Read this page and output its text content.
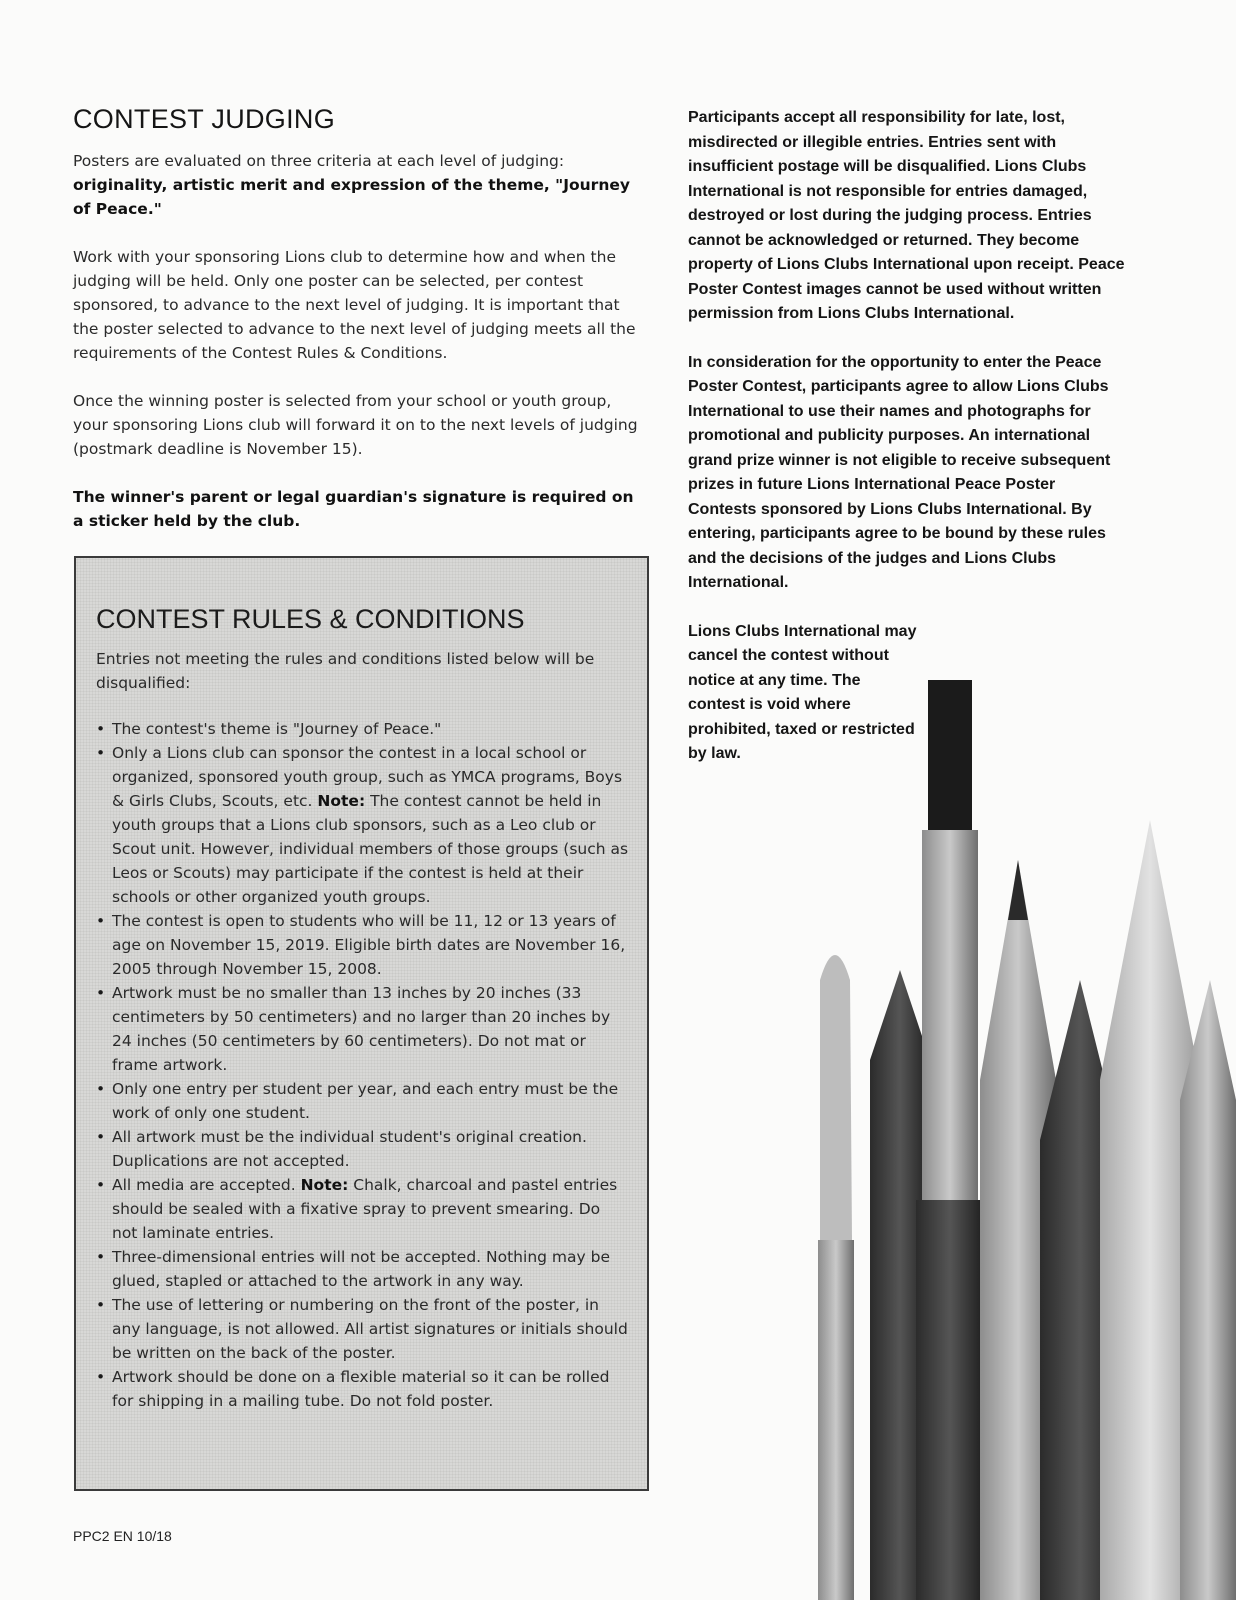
CONTEST JUDGING

Posters are evaluated on three criteria at each level of judging: originality, artistic merit and expression of the theme, "Journey of Peace."

Work with your sponsoring Lions club to determine how and when the judging will be held. Only one poster can be selected, per contest sponsored, to advance to the next level of judging. It is important that the poster selected to advance to the next level of judging meets all the requirements of the Contest Rules & Conditions.

Once the winning poster is selected from your school or youth group, your sponsoring Lions club will forward it on to the next levels of judging (postmark deadline is November 15).

The winner's parent or legal guardian's signature is required on a sticker held by the club.

CONTEST RULES & CONDITIONS

Entries not meeting the rules and conditions listed below will be disqualified:

• The contest's theme is "Journey of Peace."
• Only a Lions club can sponsor the contest in a local school or organized, sponsored youth group, such as YMCA programs, Boys & Girls Clubs, Scouts, etc. Note: The contest cannot be held in youth groups that a Lions club sponsors, such as a Leo club or Scout unit. However, individual members of those groups (such as Leos or Scouts) may participate if the contest is held at their schools or other organized youth groups.
• The contest is open to students who will be 11, 12 or 13 years of age on November 15, 2019. Eligible birth dates are November 16, 2005 through November 15, 2008.
• Artwork must be no smaller than 13 inches by 20 inches (33 centimeters by 50 centimeters) and no larger than 20 inches by 24 inches (50 centimeters by 60 centimeters). Do not mat or frame artwork.
• Only one entry per student per year, and each entry must be the work of only one student.
• All artwork must be the individual student's original creation. Duplications are not accepted.
• All media are accepted. Note: Chalk, charcoal and pastel entries should be sealed with a fixative spray to prevent smearing. Do not laminate entries.
• Three-dimensional entries will not be accepted. Nothing may be glued, stapled or attached to the artwork in any way.
• The use of lettering or numbering on the front of the poster, in any language, is not allowed. All artist signatures or initials should be written on the back of the poster.
• Artwork should be done on a flexible material so it can be rolled for shipping in a mailing tube. Do not fold poster.
PPC2 EN 10/18

Participants accept all responsibility for late, lost, misdirected or illegible entries. Entries sent with insufficient postage will be disqualified. Lions Clubs International is not responsible for entries damaged, destroyed or lost during the judging process. Entries cannot be acknowledged or returned. They become property of Lions Clubs International upon receipt. Peace Poster Contest images cannot be used without written permission from Lions Clubs International.

In consideration for the opportunity to enter the Peace Poster Contest, participants agree to allow Lions Clubs International to use their names and photographs for promotional and publicity purposes. An international grand prize winner is not eligible to receive subsequent prizes in future Lions International Peace Poster Contests sponsored by Lions Clubs International. By entering, participants agree to be bound by these rules and the decisions of the judges and Lions Clubs International.

Lions Clubs International may cancel the contest without notice at any time. The contest is void where prohibited, taxed or restricted by law.
